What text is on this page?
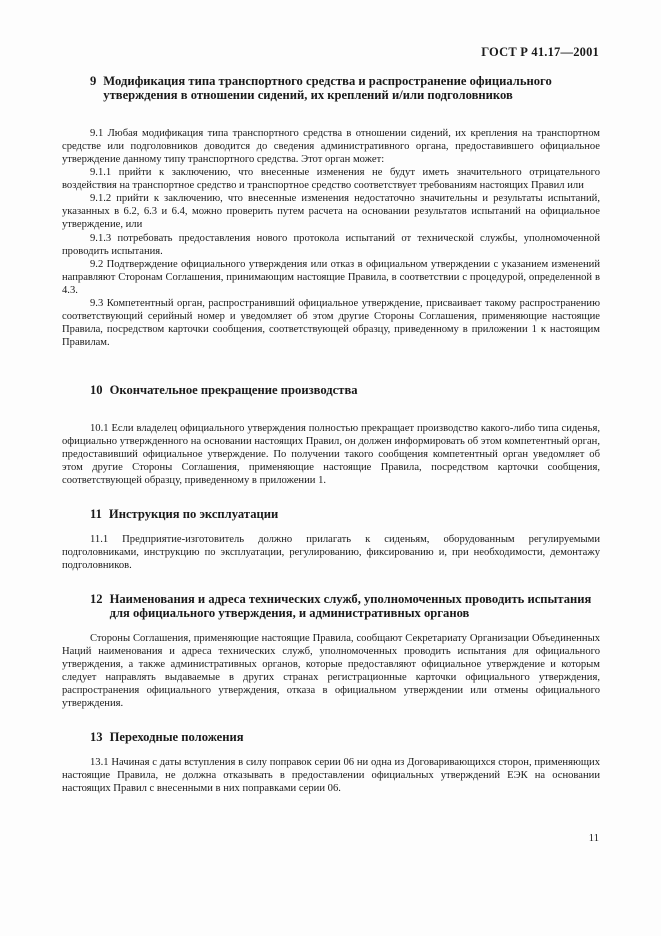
ГОСТ Р 41.17—2001
9 Модификация типа транспортного средства и распространение официального утверждения в отношении сидений, их креплений и/или подголовников

9.1 Любая модификация типа транспортного средства в отношении сидений, их крепления на транспортном средстве или подголовников доводится до сведения административного органа, предоставившего официальное утверждение данному типу транспортного средства. Этот орган может:

9.1.1 прийти к заключению, что внесенные изменения не будут иметь значительного отрицательного воздействия на транспортное средство и транспортное средство соответствует требованиям настоящих Правил или

9.1.2 прийти к заключению, что внесенные изменения недостаточно значительны и результаты испытаний, указанных в 6.2, 6.3 и 6.4, можно проверить путем расчета на основании результатов испытаний на официальное утверждение, или

9.1.3 потребовать предоставления нового протокола испытаний от технической службы, уполномоченной проводить испытания.

9.2 Подтверждение официального утверждения или отказ в официальном утверждении с указанием изменений направляют Сторонам Соглашения, принимающим настоящие Правила, в соответствии с процедурой, определенной в 4.3.

9.3 Компетентный орган, распространивший официальное утверждение, присваивает такому распространению соответствующий серийный номер и уведомляет об этом другие Стороны Соглашения, применяющие настоящие Правила, посредством карточки сообщения, соответствующей образцу, приведенному в приложении 1 к настоящим Правилам.

10 Окончательное прекращение производства

10.1 Если владелец официального утверждения полностью прекращает производство какого-либо типа сиденья, официально утвержденного на основании настоящих Правил, он должен информировать об этом компетентный орган, предоставивший официальное утверждение. По получении такого сообщения компетентный орган уведомляет об этом другие Стороны Соглашения, применяющие настоящие Правила, посредством карточки сообщения, соответствующей образцу, приведенному в приложении 1.

11 Инструкция по эксплуатации

11.1 Предприятие-изготовитель должно прилагать к сиденьям, оборудованным регулируемыми подголовниками, инструкцию по эксплуатации, регулированию, фиксированию и, при необходимости, демонтажу подголовников.

12 Наименования и адреса технических служб, уполномоченных проводить испытания для официального утверждения, и административных органов

Стороны Соглашения, применяющие настоящие Правила, сообщают Секретариату Организации Объединенных Наций наименования и адреса технических служб, уполномоченных проводить испытания для официального утверждения, а также административных органов, которые предоставляют официальное утверждение и которым следует направлять выдаваемые в других странах регистрационные карточки официального утверждения, распространения официального утверждения, отказа в официальном утверждении или отмены официального утверждения.

13 Переходные положения

13.1 Начиная с даты вступления в силу поправок серии 06 ни одна из Договаривающихся сторон, применяющих настоящие Правила, не должна отказывать в предоставлении официальных утверждений ЕЭК на основании настоящих Правил с внесенными в них поправками серии 06.

11
